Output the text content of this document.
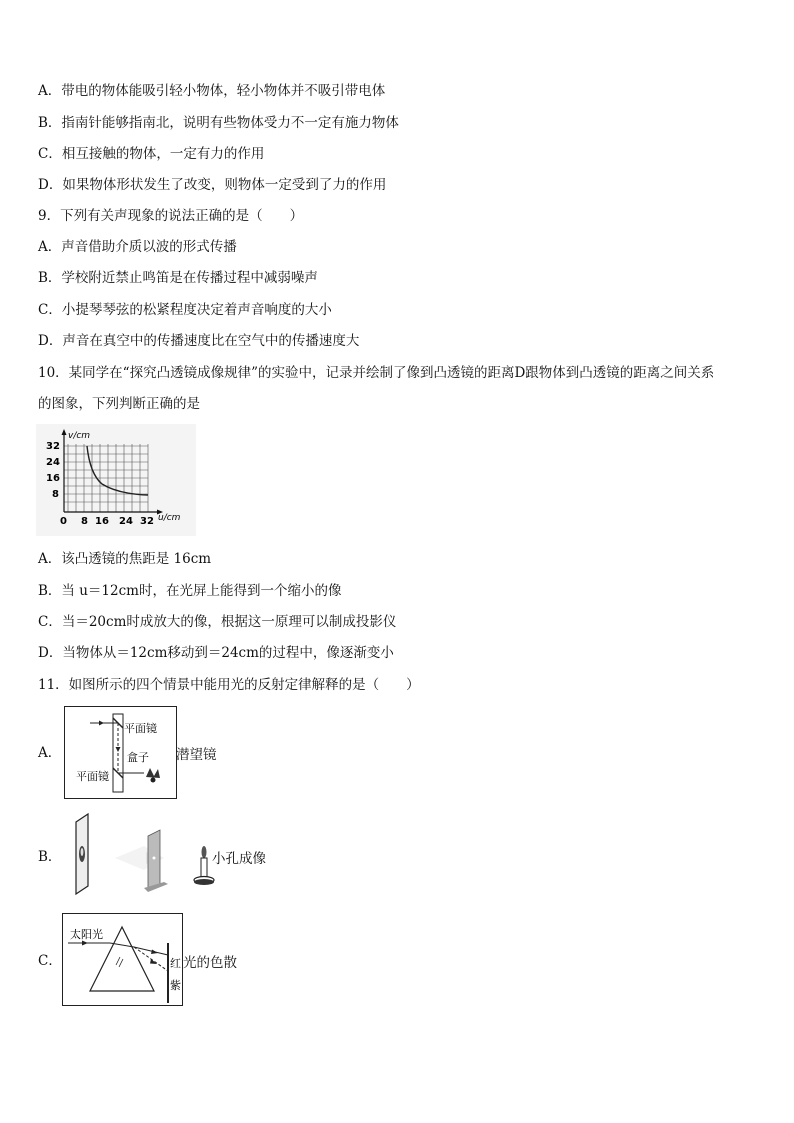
A．带电的物体能吸引轻小物体，轻小物体并不吸引带电体
B．指南针能够指南北，说明有些物体受力不一定有施力物体
C．相互接触的物体，一定有力的作用
D．如果物体形状发生了改变，则物体一定受到了力的作用
9．下列有关声现象的说法正确的是（　　）
A．声音借助介质以波的形式传播
B．学校附近禁止鸣笛是在传播过程中减弱噪声
C．小提琴琴弦的松紧程度决定着声音响度的大小
D．声音在真空中的传播速度比在空气中的传播速度大
10．某同学在“探究凸透镜成像规律”的实验中，记录并绘制了像到凸透镜的距离D跟物体到凸透镜的距离之间关系
的图象，下列判断正确的是
v/cm
32
24
16
8
0 8 16 24 32 u/cm
A．该凸透镜的焦距是 16cm
B．当 u＝12cm时，在光屏上能得到一个缩小的像
C．当＝20cm时成放大的像，根据这一原理可以制成投影仪
D．当物体从＝12cm移动到＝24cm的过程中，像逐渐变小
11．如图所示的四个情景中能用光的反射定律解释的是（　　）
A．
平面镜
盒子
平面镜
潜望镜
B．	小孔成像
C．
太阳光
红
紫
光的色散
